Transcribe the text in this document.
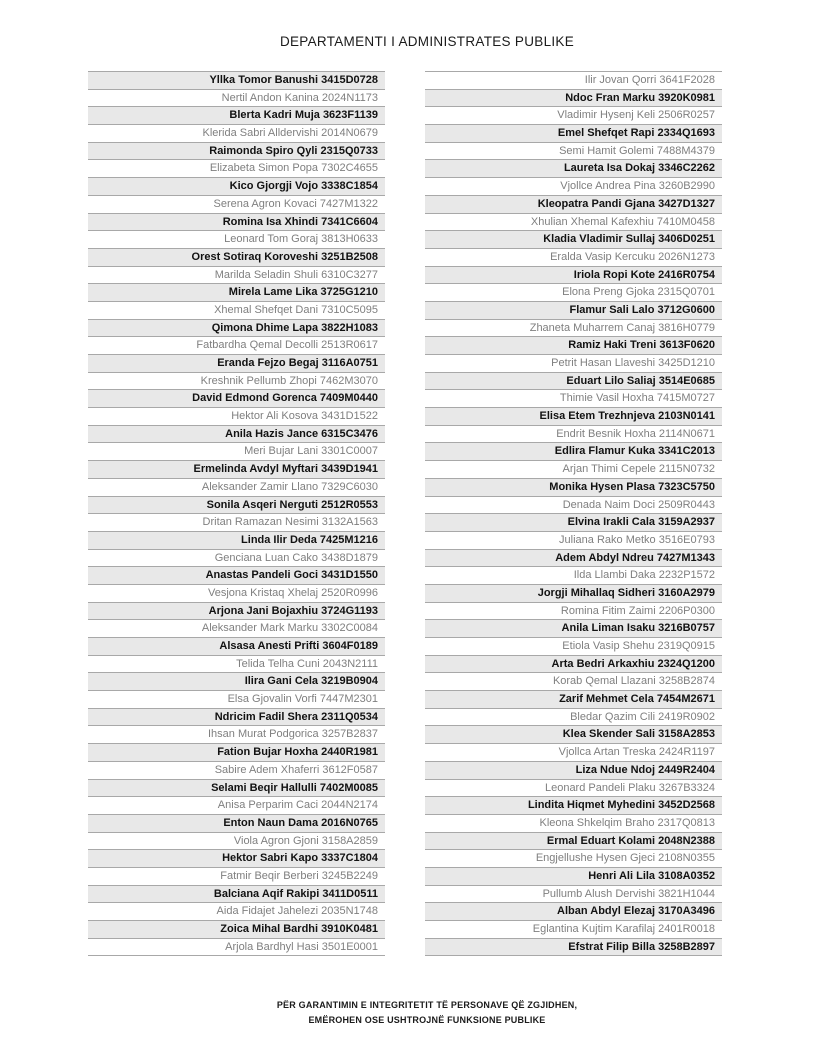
DEPARTAMENTI I ADMINISTRATES PUBLIKE
Yllka Tomor Banushi 3415D0728
Nertil Andon Kanina 2024N1173
Blerta Kadri Muja 3623F1139
Klerida Sabri Alldervishi 2014N0679
Raimonda Spiro Qyli 2315Q0733
Elizabeta Simon Popa 7302C4655
Kico Gjorgji Vojo 3338C1854
Serena Agron Kovaci 7427M1322
Romina Isa Xhindi 7341C6604
Leonard Tom Goraj 3813H0633
Orest Sotiraq Koroveshi 3251B2508
Marilda Seladin Shuli 6310C3277
Mirela Lame Lika 3725G1210
Xhemal Shefqet Dani 7310C5095
Qimona Dhime Lapa 3822H1083
Fatbardha Qemal Decolli 2513R0617
Eranda Fejzo Begaj 3116A0751
Kreshnik Pellumb Zhopi 7462M3070
David Edmond Gorenca 7409M0440
Hektor Ali Kosova 3431D1522
Anila Hazis Jance 6315C3476
Meri Bujar Lani 3301C0007
Ermelinda Avdyl Myftari 3439D1941
Aleksander Zamir Llano 7329C6030
Sonila Asqeri Nerguti 2512R0553
Dritan Ramazan Nesimi 3132A1563
Linda Ilir Deda 7425M1216
Genciana Luan Cako 3438D1879
Anastas Pandeli Goci 3431D1550
Vesjona Kristaq Xhelaj 2520R0996
Arjona Jani Bojaxhiu 3724G1193
Aleksander Mark Marku 3302C0084
Alsasa Anesti Prifti 3604F0189
Telida Telha Cuni 2043N2111
Ilira Gani Cela 3219B0904
Elsa Gjovalin Vorfi 7447M2301
Ndricim Fadil Shera 2311Q0534
Ihsan Murat Podgorica 3257B2837
Fation Bujar Hoxha 2440R1981
Sabire Adem Xhaferri 3612F0587
Selami Beqir Hallulli 7402M0085
Anisa Perparim Caci 2044N2174
Enton Naun Dama 2016N0765
Viola Agron Gjoni 3158A2859
Hektor Sabri Kapo 3337C1804
Fatmir Beqir Berberi 3245B2249
Balciana Aqif Rakipi 3411D0511
Aida Fidajet Jahelezi 2035N1748
Zoica Mihal Bardhi 3910K0481
Arjola Bardhyl Hasi 3501E0001
Ilir Jovan Qorri 3641F2028
Ndoc Fran Marku 3920K0981
Vladimir Hysenj Keli 2506R0257
Emel Shefqet Rapi 2334Q1693
Semi Hamit Golemi 7488M4379
Laureta Isa Dokaj 3346C2262
Vjollce Andrea Pina 3260B2990
Kleopatra Pandi Gjana 3427D1327
Xhulian Xhemal Kafexhiu 7410M0458
Kladia Vladimir Sullaj 3406D0251
Eralda Vasip Kercuku 2026N1273
Iriola Ropi Kote 2416R0754
Elona Preng Gjoka 2315Q0701
Flamur Sali Lalo 3712G0600
Zhaneta Muharrem Canaj 3816H0779
Ramiz Haki Treni 3613F0620
Petrit Hasan Llaveshi 3425D1210
Eduart Lilo Saliaj 3514E0685
Thimie Vasil Hoxha 7415M0727
Elisa Etem Trezhnjeva 2103N0141
Endrit Besnik Hoxha 2114N0671
Edlira Flamur Kuka 3341C2013
Arjan Thimi Cepele 2115N0732
Monika Hysen Plasa 7323C5750
Denada Naim Doci 2509R0443
Elvina Irakli Cala 3159A2937
Juliana Rako Metko 3516E0793
Adem Abdyl Ndreu 7427M1343
Ilda Llambi Daka 2232P1572
Jorgji Mihallaq Sidheri 3160A2979
Romina Fitim Zaimi 2206P0300
Anila Liman Isaku 3216B0757
Etiola Vasip Shehu 2319Q0915
Arta Bedri Arkaxhiu 2324Q1200
Korab Qemal Llazani 3258B2874
Zarif Mehmet Cela 7454M2671
Bledar Qazim Cili 2419R0902
Klea Skender Sali 3158A2853
Vjollca Artan Treska 2424R1197
Liza Ndue Ndoj 2449R2404
Leonard Pandeli Plaku 3267B3324
Lindita Hiqmet Myhedini 3452D2568
Kleona Shkelqim Braho 2317Q0813
Ermal Eduart Kolami 2048N2388
Engjellushe Hysen Gjeci 2108N0355
Henri Ali Lila 3108A0352
Pullumb Alush Dervishi 3821H1044
Alban Abdyl Elezaj 3170A3496
Eglantina Kujtim Karafilaj 2401R0018
Efstrat Filip Billa 3258B2897
PËR GARANTIMIN E INTEGRITETIT TË PERSONAVE QË ZGJIDHEN,
EMËROHEN OSE USHTROJNË FUNKSIONE PUBLIKE
